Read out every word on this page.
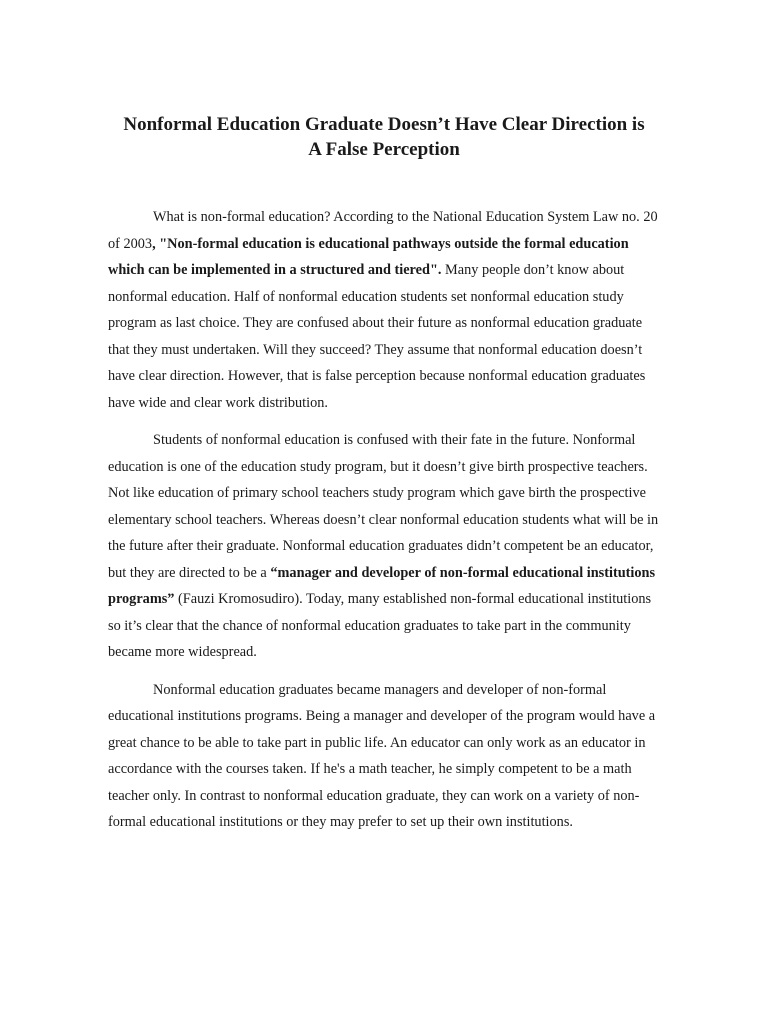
Nonformal Education Graduate Doesn’t Have Clear Direction is
A False Perception

What is non-formal education? According to the National Education System Law no. 20 of 2003, "Non-formal education is educational pathways outside the formal education which can be implemented in a structured and tiered". Many people don’t know about nonformal education. Half of nonformal education students set nonformal education study program as last choice. They are confused about their future as nonformal education graduate that they must undertaken. Will they succeed? They assume that nonformal education doesn’t have clear direction. However, that is false perception because nonformal education graduates have wide and clear work distribution.

Students of nonformal education is confused with their fate in the future. Nonformal education is one of the education study program, but it doesn’t give birth prospective teachers. Not like education of primary school teachers study program which gave birth the prospective elementary school teachers. Whereas doesn’t clear nonformal education students what will be in the future after their graduate. Nonformal education graduates didn’t competent be an educator, but they are directed to be a “manager and developer of non-formal educational institutions programs” (Fauzi Kromosudiro). Today, many established non-formal educational institutions so it’s clear that the chance of nonformal education graduates to take part in the community became more widespread.

Nonformal education graduates became managers and developer of non-formal educational institutions programs. Being a manager and developer of the program would have a great chance to be able to take part in public life. An educator can only work as an educator in accordance with the courses taken. If he's a math teacher, he simply competent to be a math teacher only. In contrast to nonformal education graduate, they can work on a variety of non-formal educational institutions or they may prefer to set up their own institutions.
